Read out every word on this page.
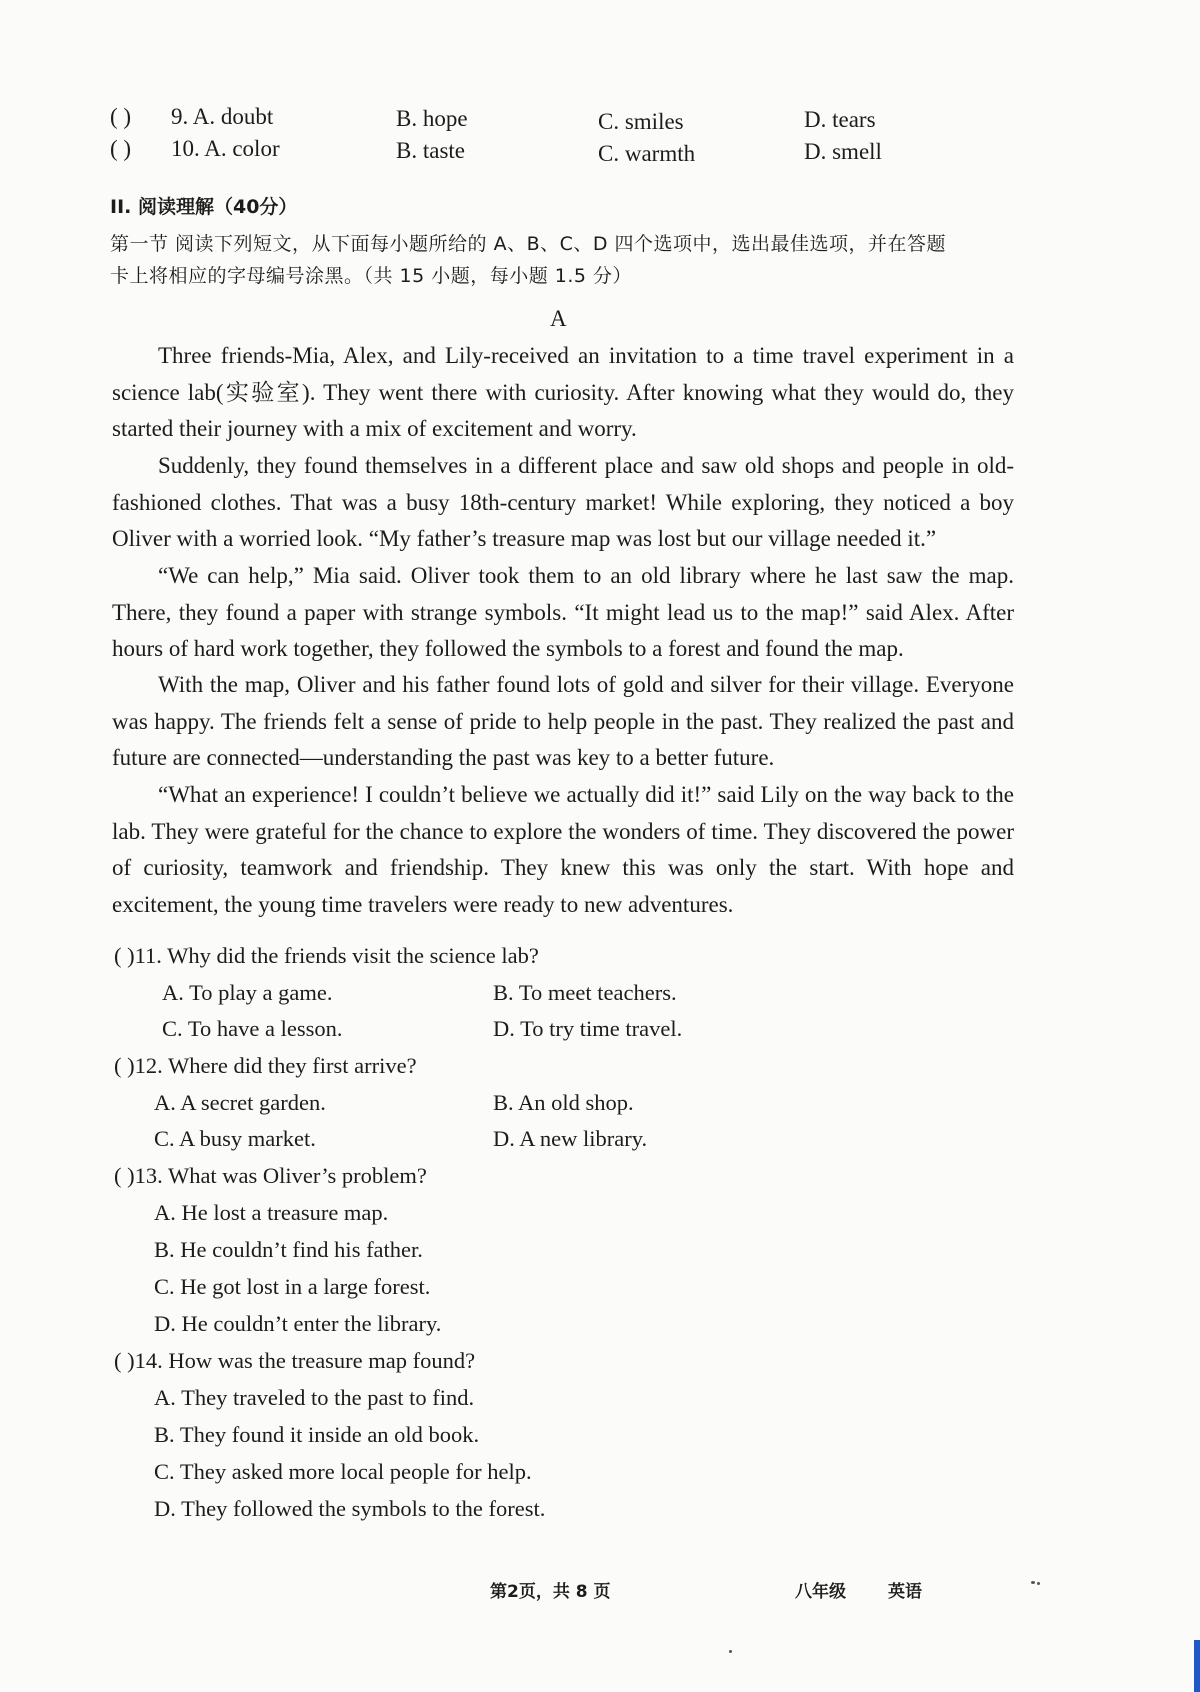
( ) 9. A. doubt	B. hope	C. smiles	D. tears
( ) 10. A. color	B. taste	C. warmth	D. smell
II. 阅读理解（40分）
第一节 阅读下列短文，从下面每小题所给的 A、B、C、D 四个选项中，选出最佳选项，并在答题
卡上将相应的字母编号涂黑。（共 15 小题，每小题 1.5 分）
A

Three friends-Mia, Alex, and Lily-received an invitation to a time travel experiment in a science lab(实验室). They went there with curiosity. After knowing what they would do, they started their journey with a mix of excitement and worry.

Suddenly, they found themselves in a different place and saw old shops and people in old-fashioned clothes. That was a busy 18th-century market! While exploring, they noticed a boy Oliver with a worried look. “My father’s treasure map was lost but our village needed it.”

“We can help,” Mia said. Oliver took them to an old library where he last saw the map. There, they found a paper with strange symbols. “It might lead us to the map!” said Alex. After hours of hard work together, they followed the symbols to a forest and found the map.

With the map, Oliver and his father found lots of gold and silver for their village. Everyone was happy. The friends felt a sense of pride to help people in the past. They realized the past and future are connected—understanding the past was key to a better future.

“What an experience! I couldn’t believe we actually did it!” said Lily on the way back to the lab. They were grateful for the chance to explore the wonders of time. They discovered the power of curiosity, teamwork and friendship. They knew this was only the start. With hope and excitement, the young time travelers were ready to new adventures.

( )11. Why did the friends visit the science lab?
A. To play a game.	B. To meet teachers.
C. To have a lesson.	D. To try time travel.
( )12. Where did they first arrive?
A. A secret garden.	B. An old shop.
C. A busy market.	D. A new library.
( )13. What was Oliver’s problem?
A. He lost a treasure map.
B. He couldn’t find his father.
C. He got lost in a large forest.
D. He couldn’t enter the library.
( )14. How was the treasure map found?
A. They traveled to the past to find.
B. They found it inside an old book.
C. They asked more local people for help.
D. They followed the symbols to the forest.
第2页，共 8 页	八年级 英语
